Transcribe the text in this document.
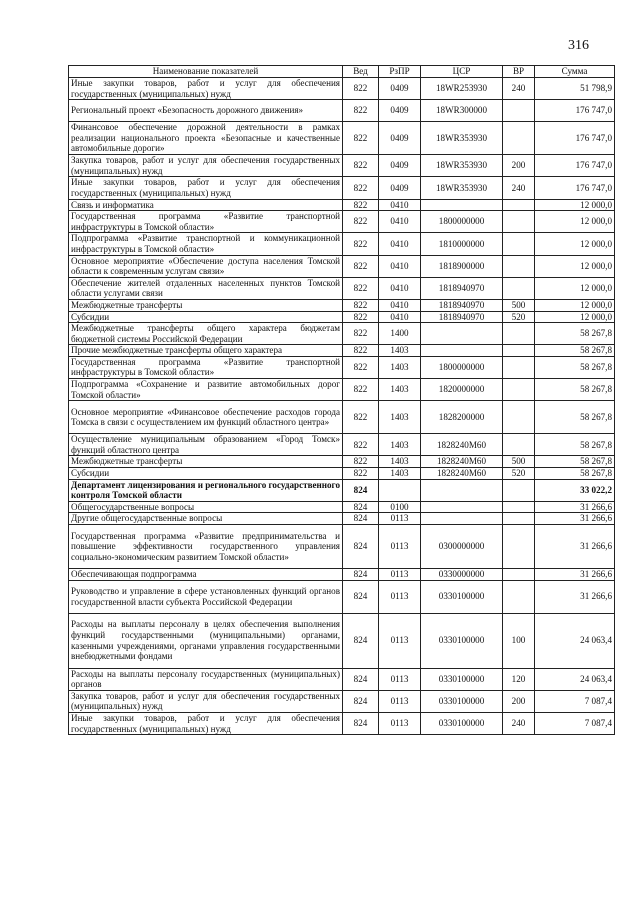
316
Наименование показателей	Вед	РзПР	ЦСР	ВР	Сумма
Иные закупки товаров, работ и услуг для обеспечения государственных (муниципальных) нужд	822	0409	18WR253930	240	51 798,9
Региональный проект «Безопасность дорожного движения»	822	0409	18WR300000		176 747,0
Финансовое обеспечение дорожной деятельности в рамках реализации национального проекта «Безопасные и качественные автомобильные дороги»	822	0409	18WR353930		176 747,0
Закупка товаров, работ и услуг для обеспечения государственных (муниципальных) нужд	822	0409	18WR353930	200	176 747,0
Иные закупки товаров, работ и услуг для обеспечения государственных (муниципальных) нужд	822	0409	18WR353930	240	176 747,0
Связь и информатика	822	0410			12 000,0
Государственная программа «Развитие транспортной инфраструктуры в Томской области»	822	0410	1800000000		12 000,0
Подпрограмма «Развитие транспортной и коммуникационной инфраструктуры в Томской области»	822	0410	1810000000		12 000,0
Основное мероприятие «Обеспечение доступа населения Томской области к современным услугам связи»	822	0410	1818900000		12 000,0
Обеспечение жителей отдаленных населенных пунктов Томской области услугами связи	822	0410	1818940970		12 000,0
Межбюджетные трансферты	822	0410	1818940970	500	12 000,0
Субсидии	822	0410	1818940970	520	12 000,0
Межбюджетные трансферты общего характера бюджетам бюджетной системы Российской Федерации	822	1400			58 267,8
Прочие межбюджетные трансферты общего характера	822	1403			58 267,8
Государственная программа «Развитие транспортной инфраструктуры в Томской области»	822	1403	1800000000		58 267,8
Подпрограмма «Сохранение и развитие автомобильных дорог Томской области»	822	1403	1820000000		58 267,8
Основное мероприятие «Финансовое обеспечение расходов города Томска в связи с осуществлением им функций областного центра»	822	1403	1828200000		58 267,8
Осуществление муниципальным образованием «Город Томск» функций областного центра	822	1403	1828240М60		58 267,8
Межбюджетные трансферты	822	1403	1828240М60	500	58 267,8
Субсидии	822	1403	1828240М60	520	58 267,8
Департамент лицензирования и регионального государственного контроля Томской области	824				33 022,2
Общегосударственные вопросы	824	0100			31 266,6
Другие общегосударственные вопросы	824	0113			31 266,6
Государственная программа «Развитие предпринимательства и повышение эффективности государственного управления социально-экономическим развитием Томской области»	824	0113	0300000000		31 266,6
Обеспечивающая подпрограмма	824	0113	0330000000		31 266,6
Руководство и управление в сфере установленных функций органов государственной власти субъекта Российской Федерации	824	0113	0330100000		31 266,6
Расходы на выплаты персоналу в целях обеспечения выполнения функций государственными (муниципальными) органами, казенными учреждениями, органами управления государственными внебюджетными фондами	824	0113	0330100000	100	24 063,4
Расходы на выплаты персоналу государственных (муниципальных) органов	824	0113	0330100000	120	24 063,4
Закупка товаров, работ и услуг для обеспечения государственных (муниципальных) нужд	824	0113	0330100000	200	7 087,4
Иные закупки товаров, работ и услуг для обеспечения государственных (муниципальных) нужд	824	0113	0330100000	240	7 087,4
